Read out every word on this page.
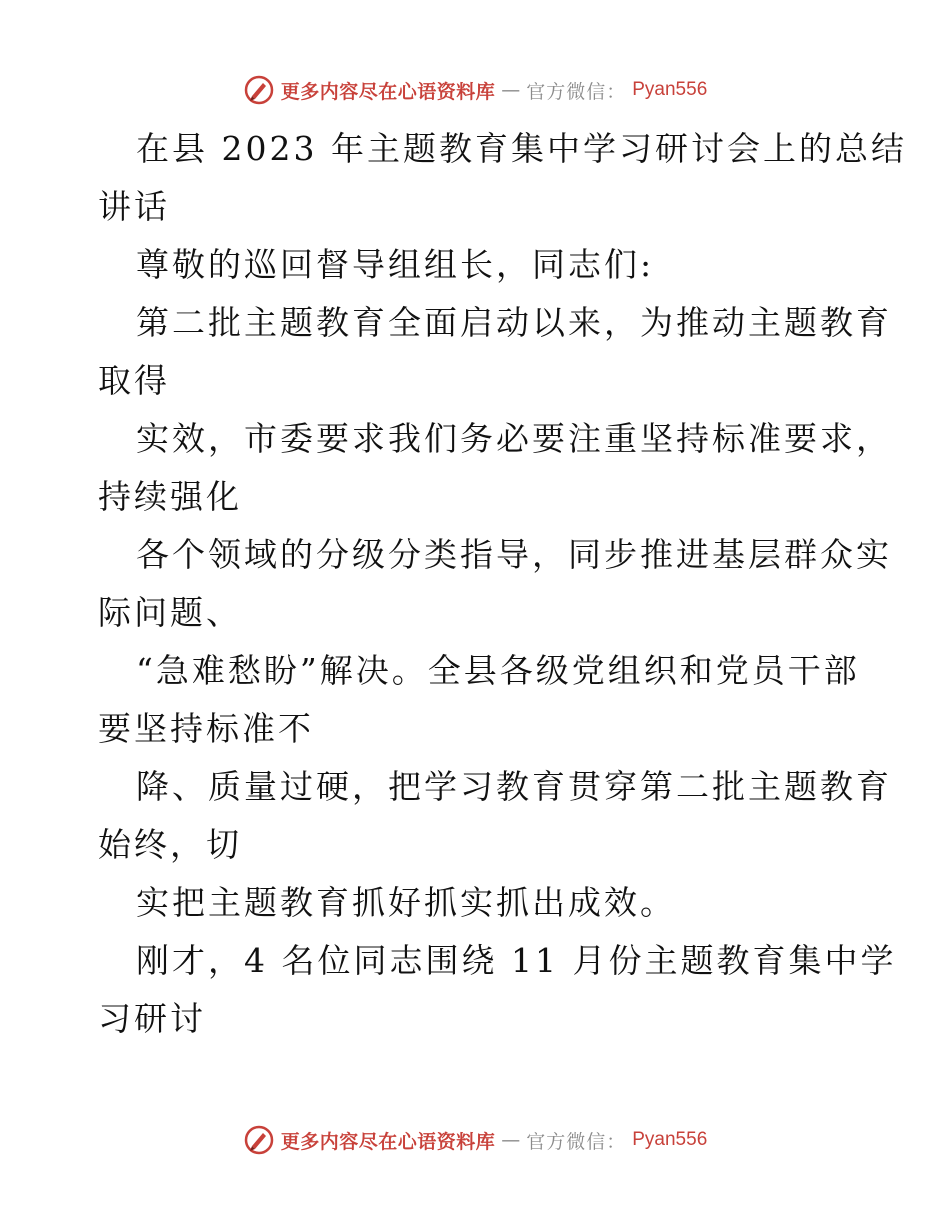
更多内容尽在心语资料库 — 官方微信： Pyan556
在县 2023 年主题教育集中学习研讨会上的总结
讲话
尊敬的巡回督导组组长，同志们:
第二批主题教育全面启动以来，为推动主题教育
取得
实效，市委要求我们务必要注重坚持标准要求，
持续强化
各个领域的分级分类指导，同步推进基层群众实
际问题、
“急难愁盼”解决。全县各级党组织和党员干部
要坚持标准不
降、质量过硬，把学习教育贯穿第二批主题教育
始终，切
实把主题教育抓好抓实抓出成效。
刚才，4 名位同志围绕 11 月份主题教育集中学
习研讨
更多内容尽在心语资料库 — 官方微信： Pyan556
